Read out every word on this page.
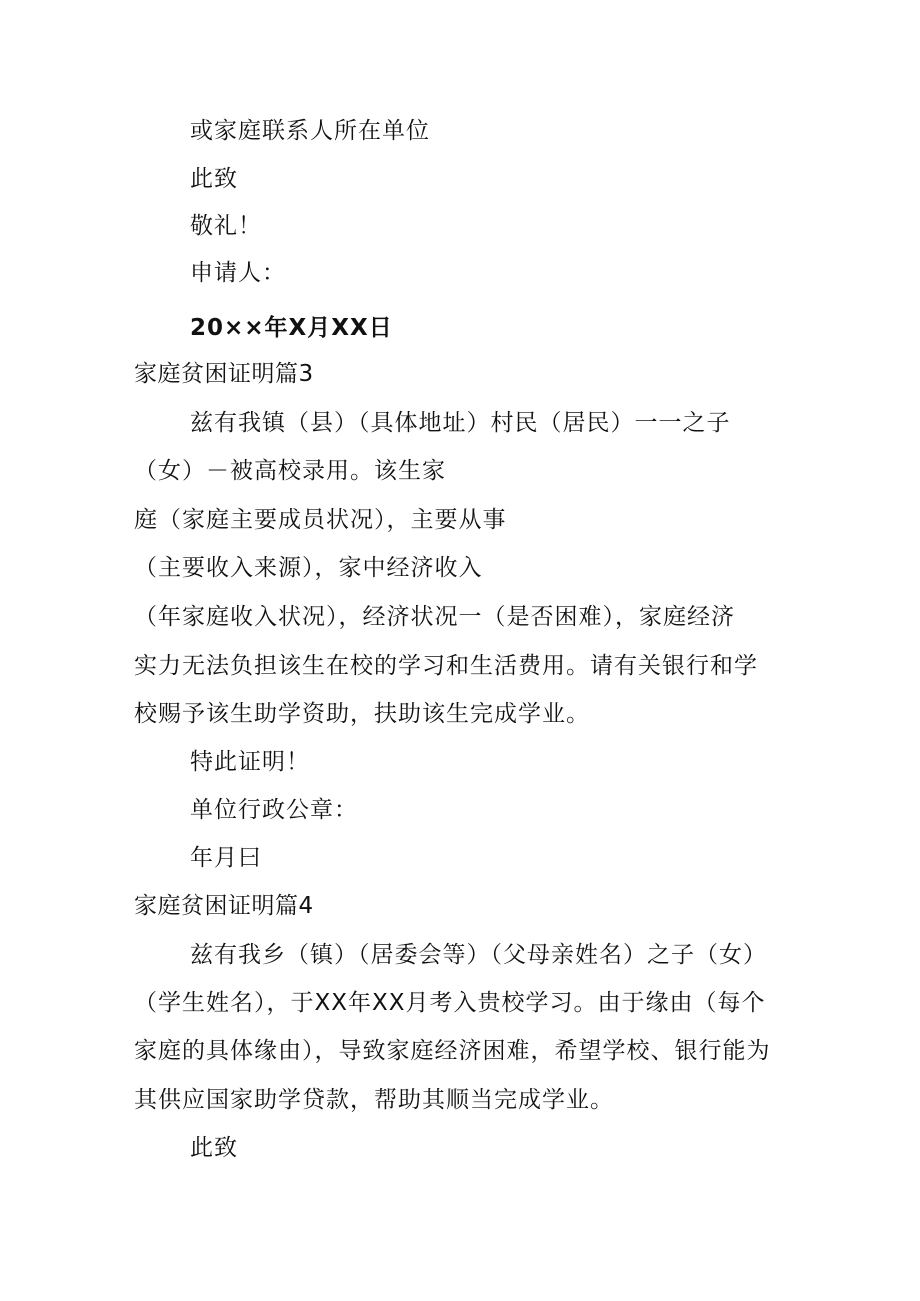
或家庭联系人所在单位
此致
敬礼！
申请人：
20××年X月XX日
家庭贫困证明篇3
兹有我镇（县）（具体地址）村民（居民）一一之子
（女）－被高校录用。该生家
庭（家庭主要成员状况），主要从事
（主要收入来源），家中经济收入
（年家庭收入状况），经济状况一（是否困难），家庭经济
实力无法负担该生在校的学习和生活费用。请有关银行和学
校赐予该生助学资助，扶助该生完成学业。
特此证明！
单位行政公章：
年月曰
家庭贫困证明篇4
兹有我乡（镇）（居委会等）（父母亲姓名）之子（女）
（学生姓名），于XX年XX月考入贵校学习。由于缘由（每个
家庭的具体缘由），导致家庭经济困难，希望学校、银行能为
其供应国家助学贷款，帮助其顺当完成学业。
此致
